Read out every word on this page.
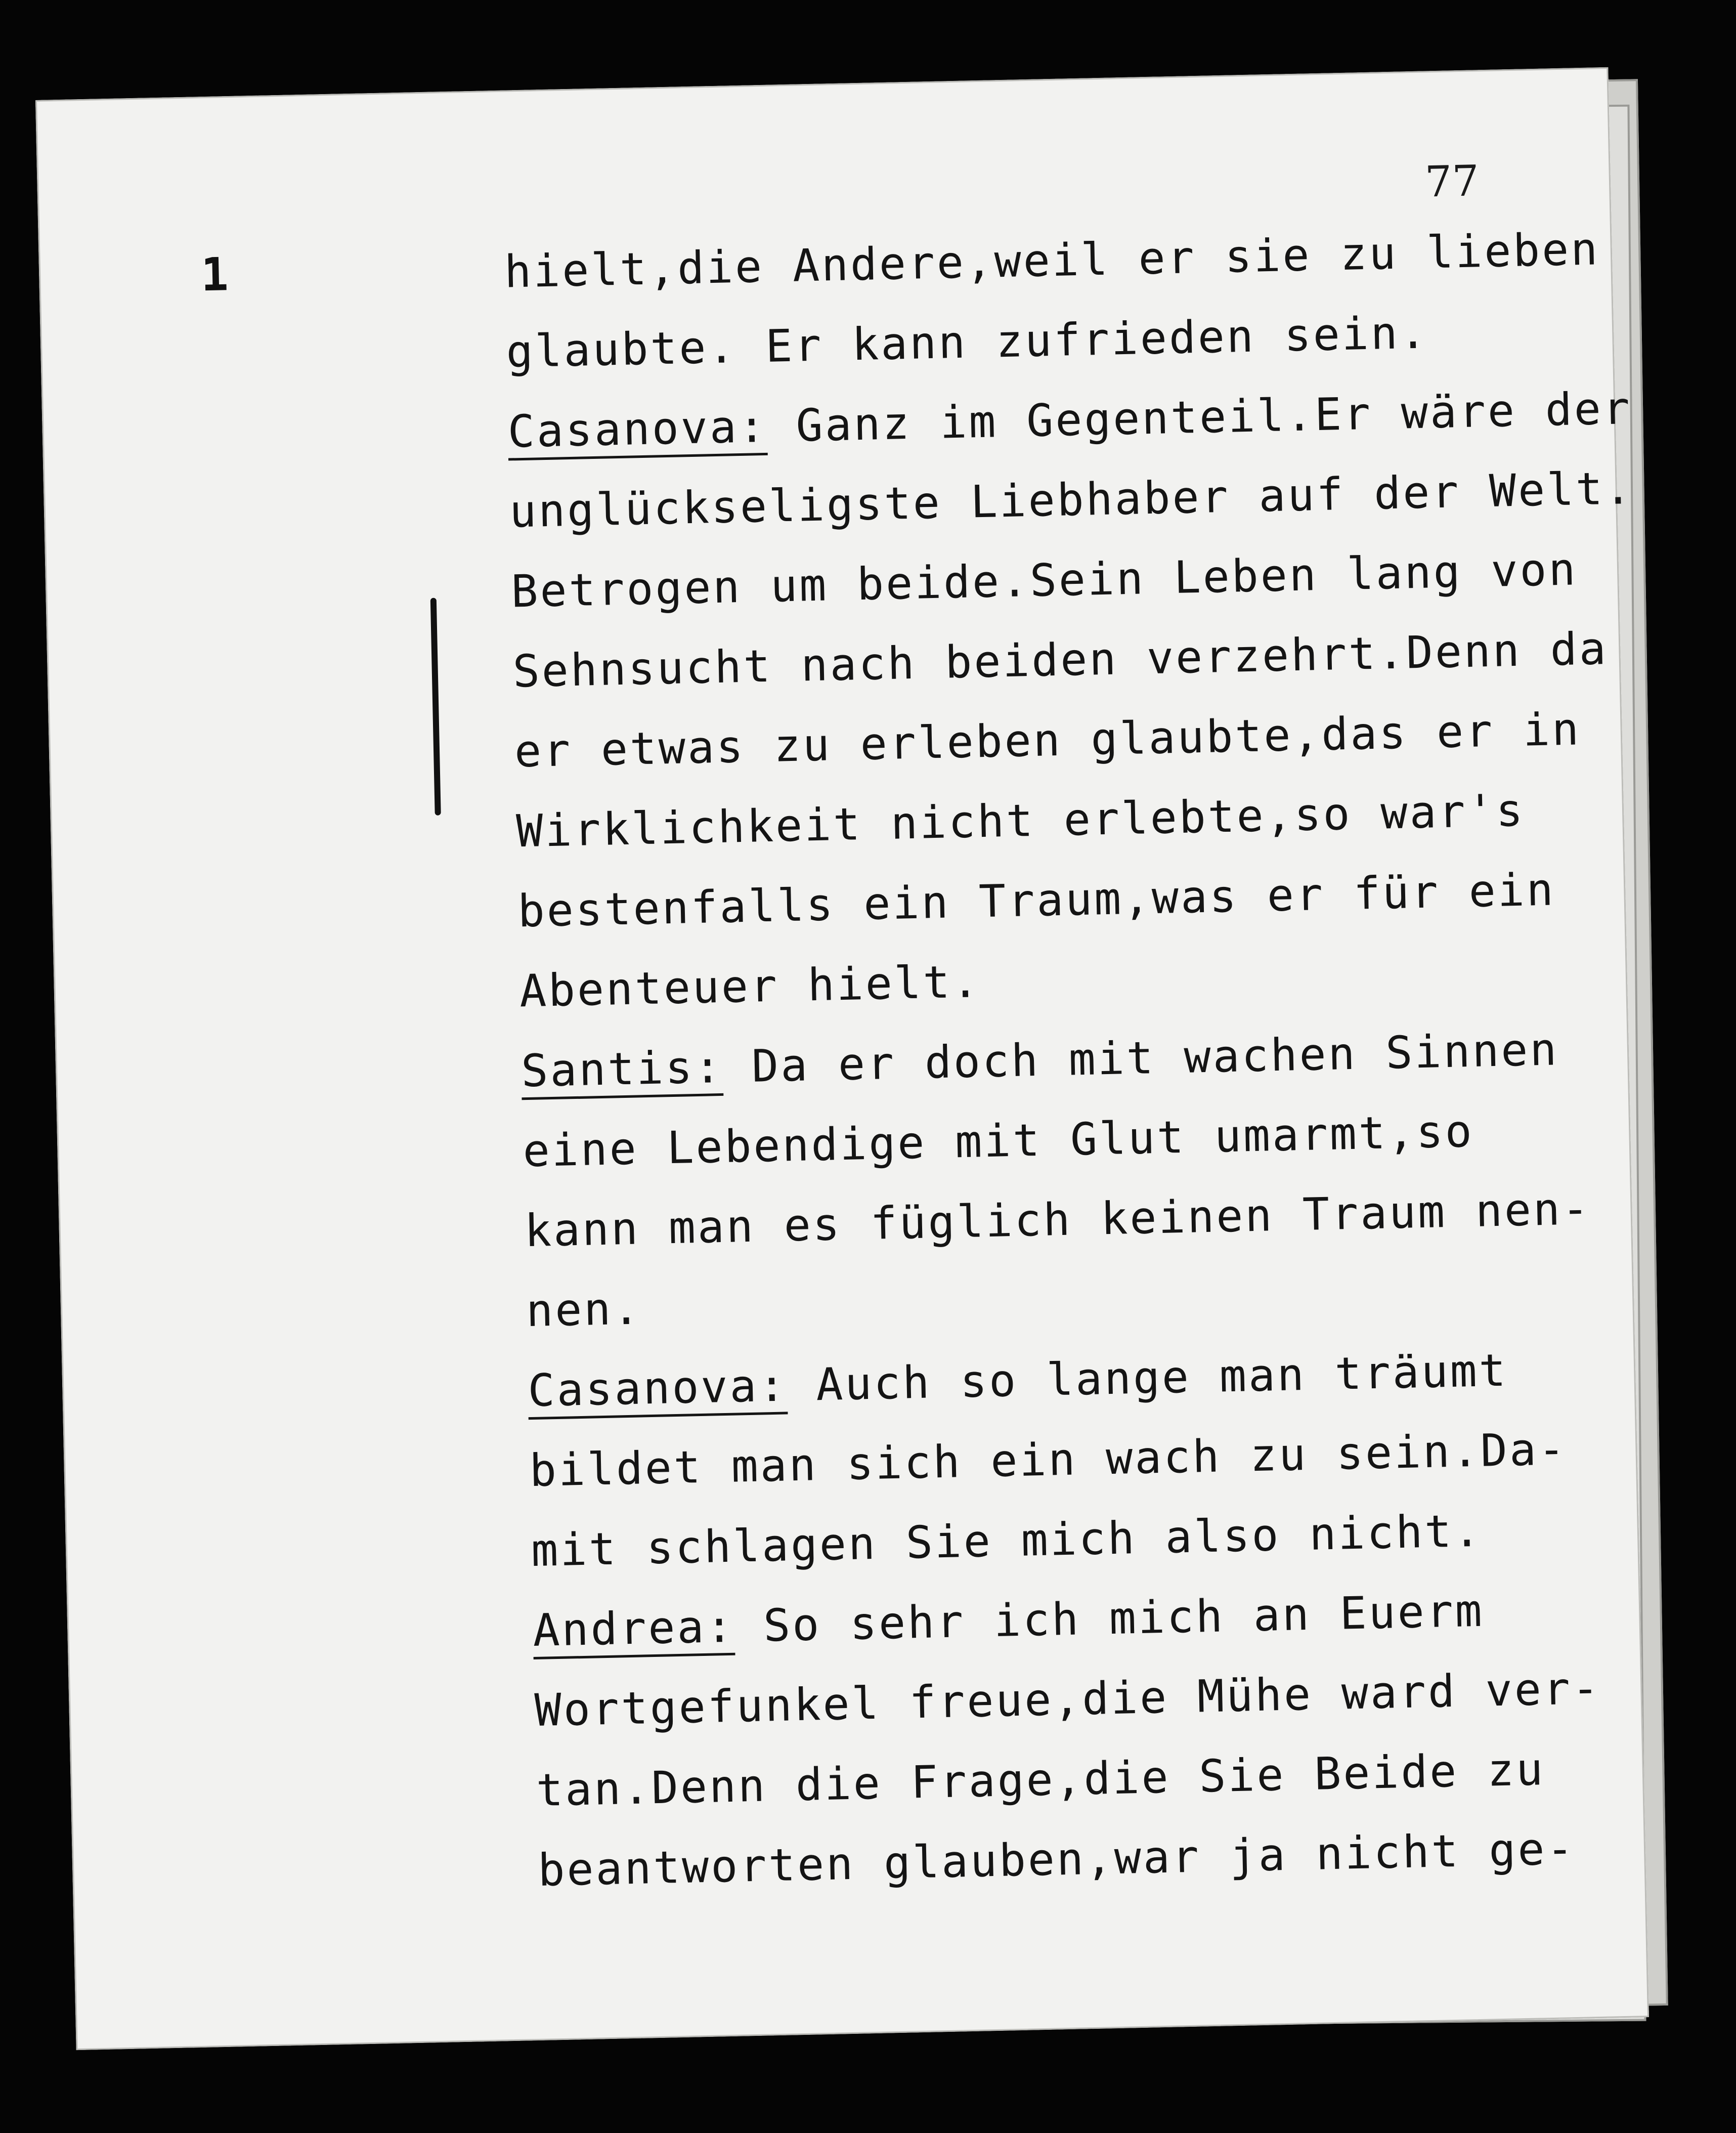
77
1	hielt,die Andere,weil er sie zu lieben
glaubte. Er kann zufrieden sein.
Casanova: Ganz im Gegenteil.Er wäre der
unglückseligste Liebhaber auf der Welt.
Betrogen um beide.Sein Leben lang von
Sehnsucht nach beiden verzehrt.Denn da
er etwas zu erleben glaubte,das er in
Wirklichkeit nicht erlebte,so war's
bestenfalls ein Traum,was er für ein
Abenteuer hielt.
Santis: Da er doch mit wachen Sinnen
eine Lebendige mit Glut umarmt,so
kann man es füglich keinen Traum nen-
nen.
Casanova: Auch so lange man träumt
bildet man sich ein wach zu sein.Da-
mit schlagen Sie mich also nicht.
Andrea: So sehr ich mich an Euerm
Wortgefunkel freue,die Mühe ward ver-
tan.Denn die Frage,die Sie Beide zu
beantworten glauben,war ja nicht ge-
